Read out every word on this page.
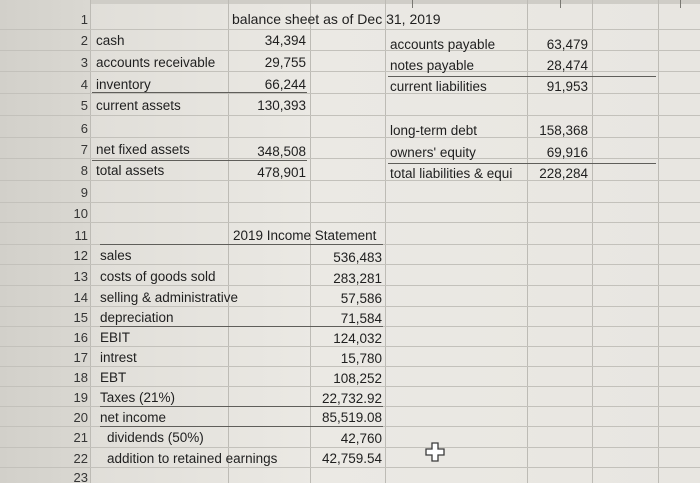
1
2
3
4
5
6
7
8
9
10
11
12
13
14
15
16
17
18
19
20
21
22
23
balance sheet as of Dec 31, 2019
cash	34,394
accounts receivable	29,755
inventory	66,244
current assets	130,393
net fixed assets	348,508
total assets	478,901
accounts payable	63,479
notes payable	28,474
current liabilities	91,953
long-term debt	158,368
owners' equity	69,916
total liabilities & equi	228,284
2019 Income Statement
sales	536,483
costs of goods sold	283,281
selling & administrative	57,586
depreciation	71,584
EBIT	124,032
intrest	15,780
EBT	108,252
Taxes (21%)	22,732.92
net income	85,519.08
dividends (50%)	42,760
addition to retained earnings	42,759.54
